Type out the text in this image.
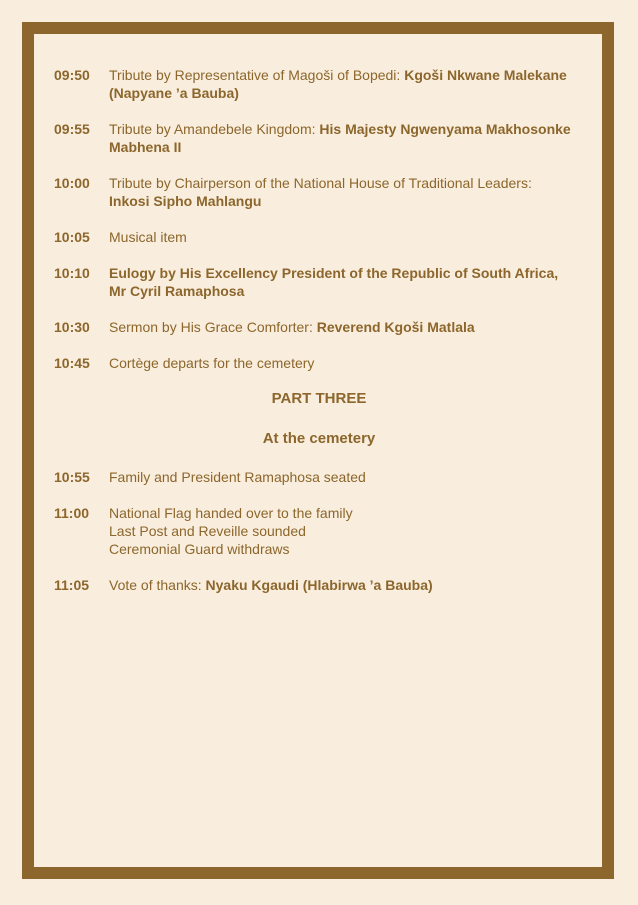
09:50	Tribute by Representative of Magoši of Bopedi: Kgoši Nkwane Malekane
(Napyane ’a Bauba)
09:55	Tribute by Amandebele Kingdom: His Majesty Ngwenyama Makhosonke
Mabhena II
10:00	Tribute by Chairperson of the National House of Traditional Leaders:
Inkosi Sipho Mahlangu
10:05	Musical item
10:10	Eulogy by His Excellency President of the Republic of South Africa,
Mr Cyril Ramaphosa
10:30	Sermon by His Grace Comforter: Reverend Kgoši Matlala
10:45	Cortège departs for the cemetery
PART THREE
At the cemetery
10:55	Family and President Ramaphosa seated
11:00	National Flag handed over to the family
Last Post and Reveille sounded
Ceremonial Guard withdraws
11:05	Vote of thanks: Nyaku Kgaudi (Hlabirwa ’a Bauba)
